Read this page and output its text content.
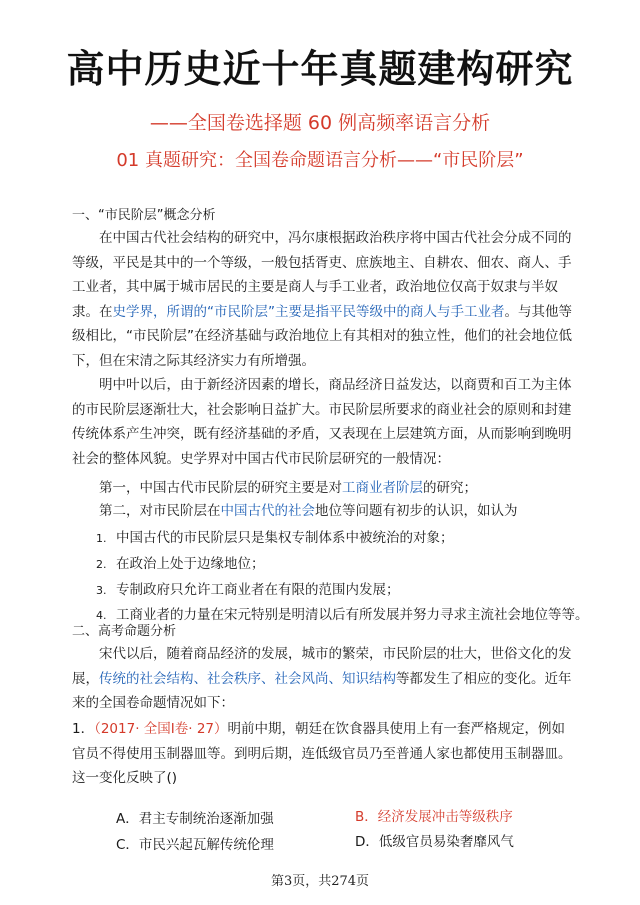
高中历史近十年真题建构研究
——全国卷选择题 60 例高频率语言分析
01 真题研究：全国卷命题语言分析——“市民阶层”
一、“市民阶层”概念分析
在中国古代社会结构的研究中，冯尔康根据政治秩序将中国古代社会分成不同的等级，平民是其中的一个等级，一般包括胥吏、庶族地主、自耕农、佃农、商人、手工业者，其中属于城市居民的主要是商人与手工业者，政治地位仅高于奴隶与半奴隶。在史学界，所谓的“市民阶层”主要是指平民等级中的商人与手工业者。与其他等级相比，“市民阶层”在经济基础与政治地位上有其相对的独立性，他们的社会地位低下，但在宋清之际其经济实力有所增强。
明中叶以后，由于新经济因素的增长，商品经济日益发达，以商贾和百工为主体的市民阶层逐渐壮大，社会影响日益扩大。市民阶层所要求的商业社会的原则和封建传统体系产生冲突，既有经济基础的矛盾，又表现在上层建筑方面，从而影响到晚明社会的整体风貌。史学界对中国古代市民阶层研究的一般情况：
第一，中国古代市民阶层的研究主要是对工商业者阶层的研究；
第二，对市民阶层在中国古代的社会地位等问题有初步的认识，如认为
1. 中国古代的市民阶层只是集权专制体系中被统治的对象；
2. 在政治上处于边缘地位；
3. 专制政府只允许工商业者在有限的范围内发展；
4. 工商业者的力量在宋元特别是明清以后有所发展并努力寻求主流社会地位等等。
二、高考命题分析
宋代以后，随着商品经济的发展，城市的繁荣，市民阶层的壮大，世俗文化的发展，传统的社会结构、社会秩序、社会风尚、知识结构等都发生了相应的变化。近年来的全国卷命题情况如下：
1．（2017· 全国Ⅰ卷· 27）明前中期，朝廷在饮食器具使用上有一套严格规定，例如官员不得使用玉制器皿等。到明后期，连低级官员乃至普通人家也都使用玉制器皿。这一变化反映了()
A．君主专制统治逐渐加强	B．经济发展冲击等级秩序
C．市民兴起瓦解传统伦理	D．低级官员易染奢靡风气
第3页，共274页
